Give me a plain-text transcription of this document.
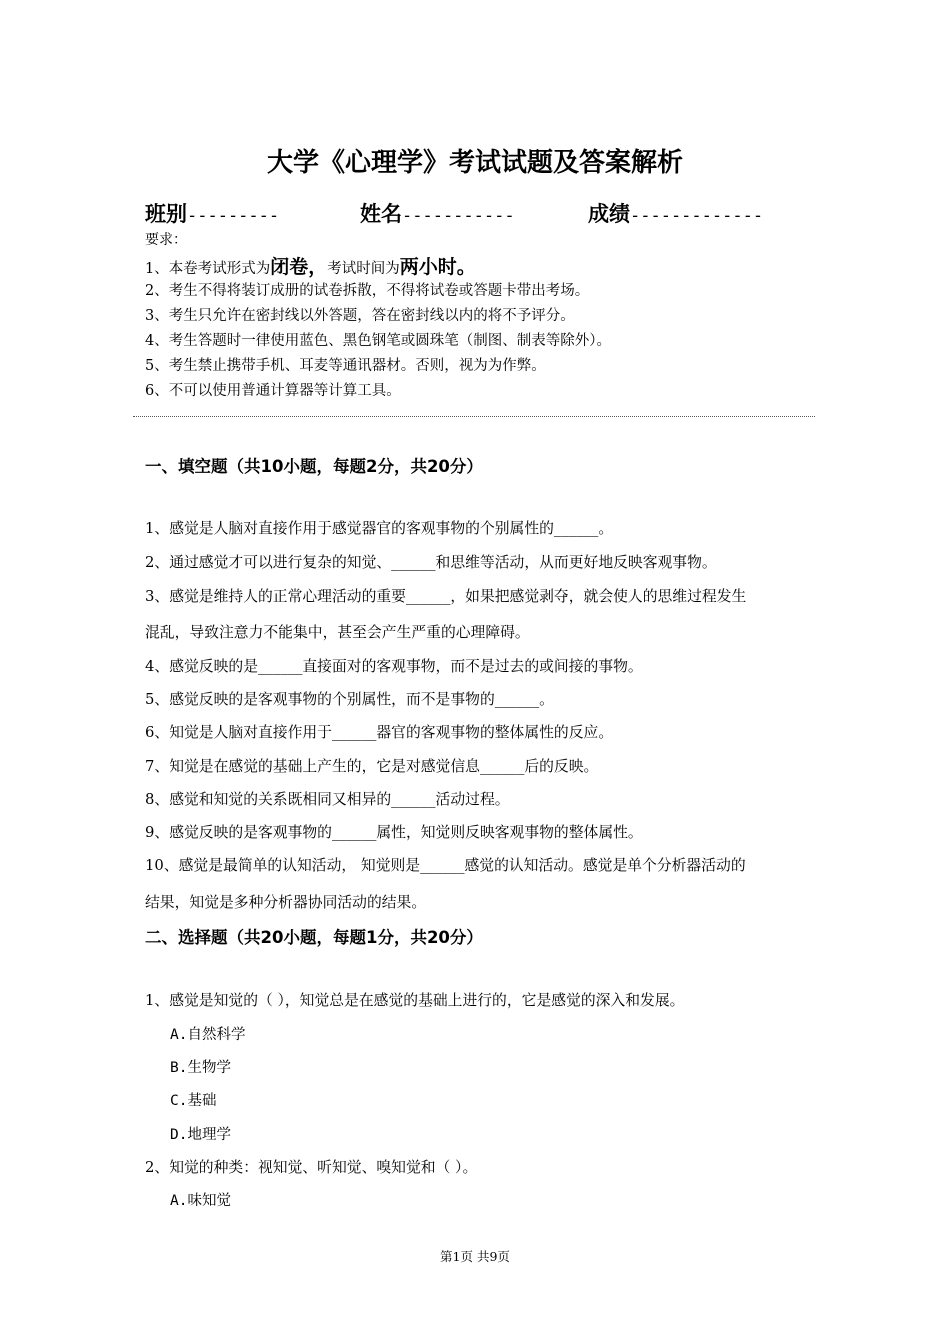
大学《心理学》考试试题及答案解析
班别---------	姓名-----------	成绩-------------
要求：
1、本卷考试形式为闭卷，考试时间为两小时。
2、考生不得将装订成册的试卷拆散，不得将试卷或答题卡带出考场。
3、考生只允许在密封线以外答题，答在密封线以内的将不予评分。
4、考生答题时一律使用蓝色、黑色钢笔或圆珠笔（制图、制表等除外）。
5、考生禁止携带手机、耳麦等通讯器材。否则，视为为作弊。
6、不可以使用普通计算器等计算工具。
一、填空题（共10小题，每题2分，共20分）
1、感觉是人脑对直接作用于感觉器官的客观事物的个别属性的______。
2、通过感觉才可以进行复杂的知觉、______和思维等活动，从而更好地反映客观事物。
3、感觉是维持人的正常心理活动的重要______，如果把感觉剥夺，就会使人的思维过程发生
混乱，导致注意力不能集中，甚至会产生严重的心理障碍。
4、感觉反映的是______直接面对的客观事物，而不是过去的或间接的事物。
5、感觉反映的是客观事物的个别属性，而不是事物的______。
6、知觉是人脑对直接作用于______器官的客观事物的整体属性的反应。
7、知觉是在感觉的基础上产生的，它是对感觉信息______后的反映。
8、感觉和知觉的关系既相同又相异的______活动过程。
9、感觉反映的是客观事物的______属性，知觉则反映客观事物的整体属性。
10、感觉是最简单的认知活动， 知觉则是______感觉的认知活动。感觉是单个分析器活动的
结果，知觉是多种分析器协同活动的结果。
二、选择题（共20小题，每题1分，共20分）
1、感觉是知觉的（ ），知觉总是在感觉的基础上进行的，它是感觉的深入和发展。
A.自然科学
B.生物学
C.基础
D.地理学
2、知觉的种类：视知觉、听知觉、嗅知觉和（ ）。
A.味知觉
第1页 共9页
